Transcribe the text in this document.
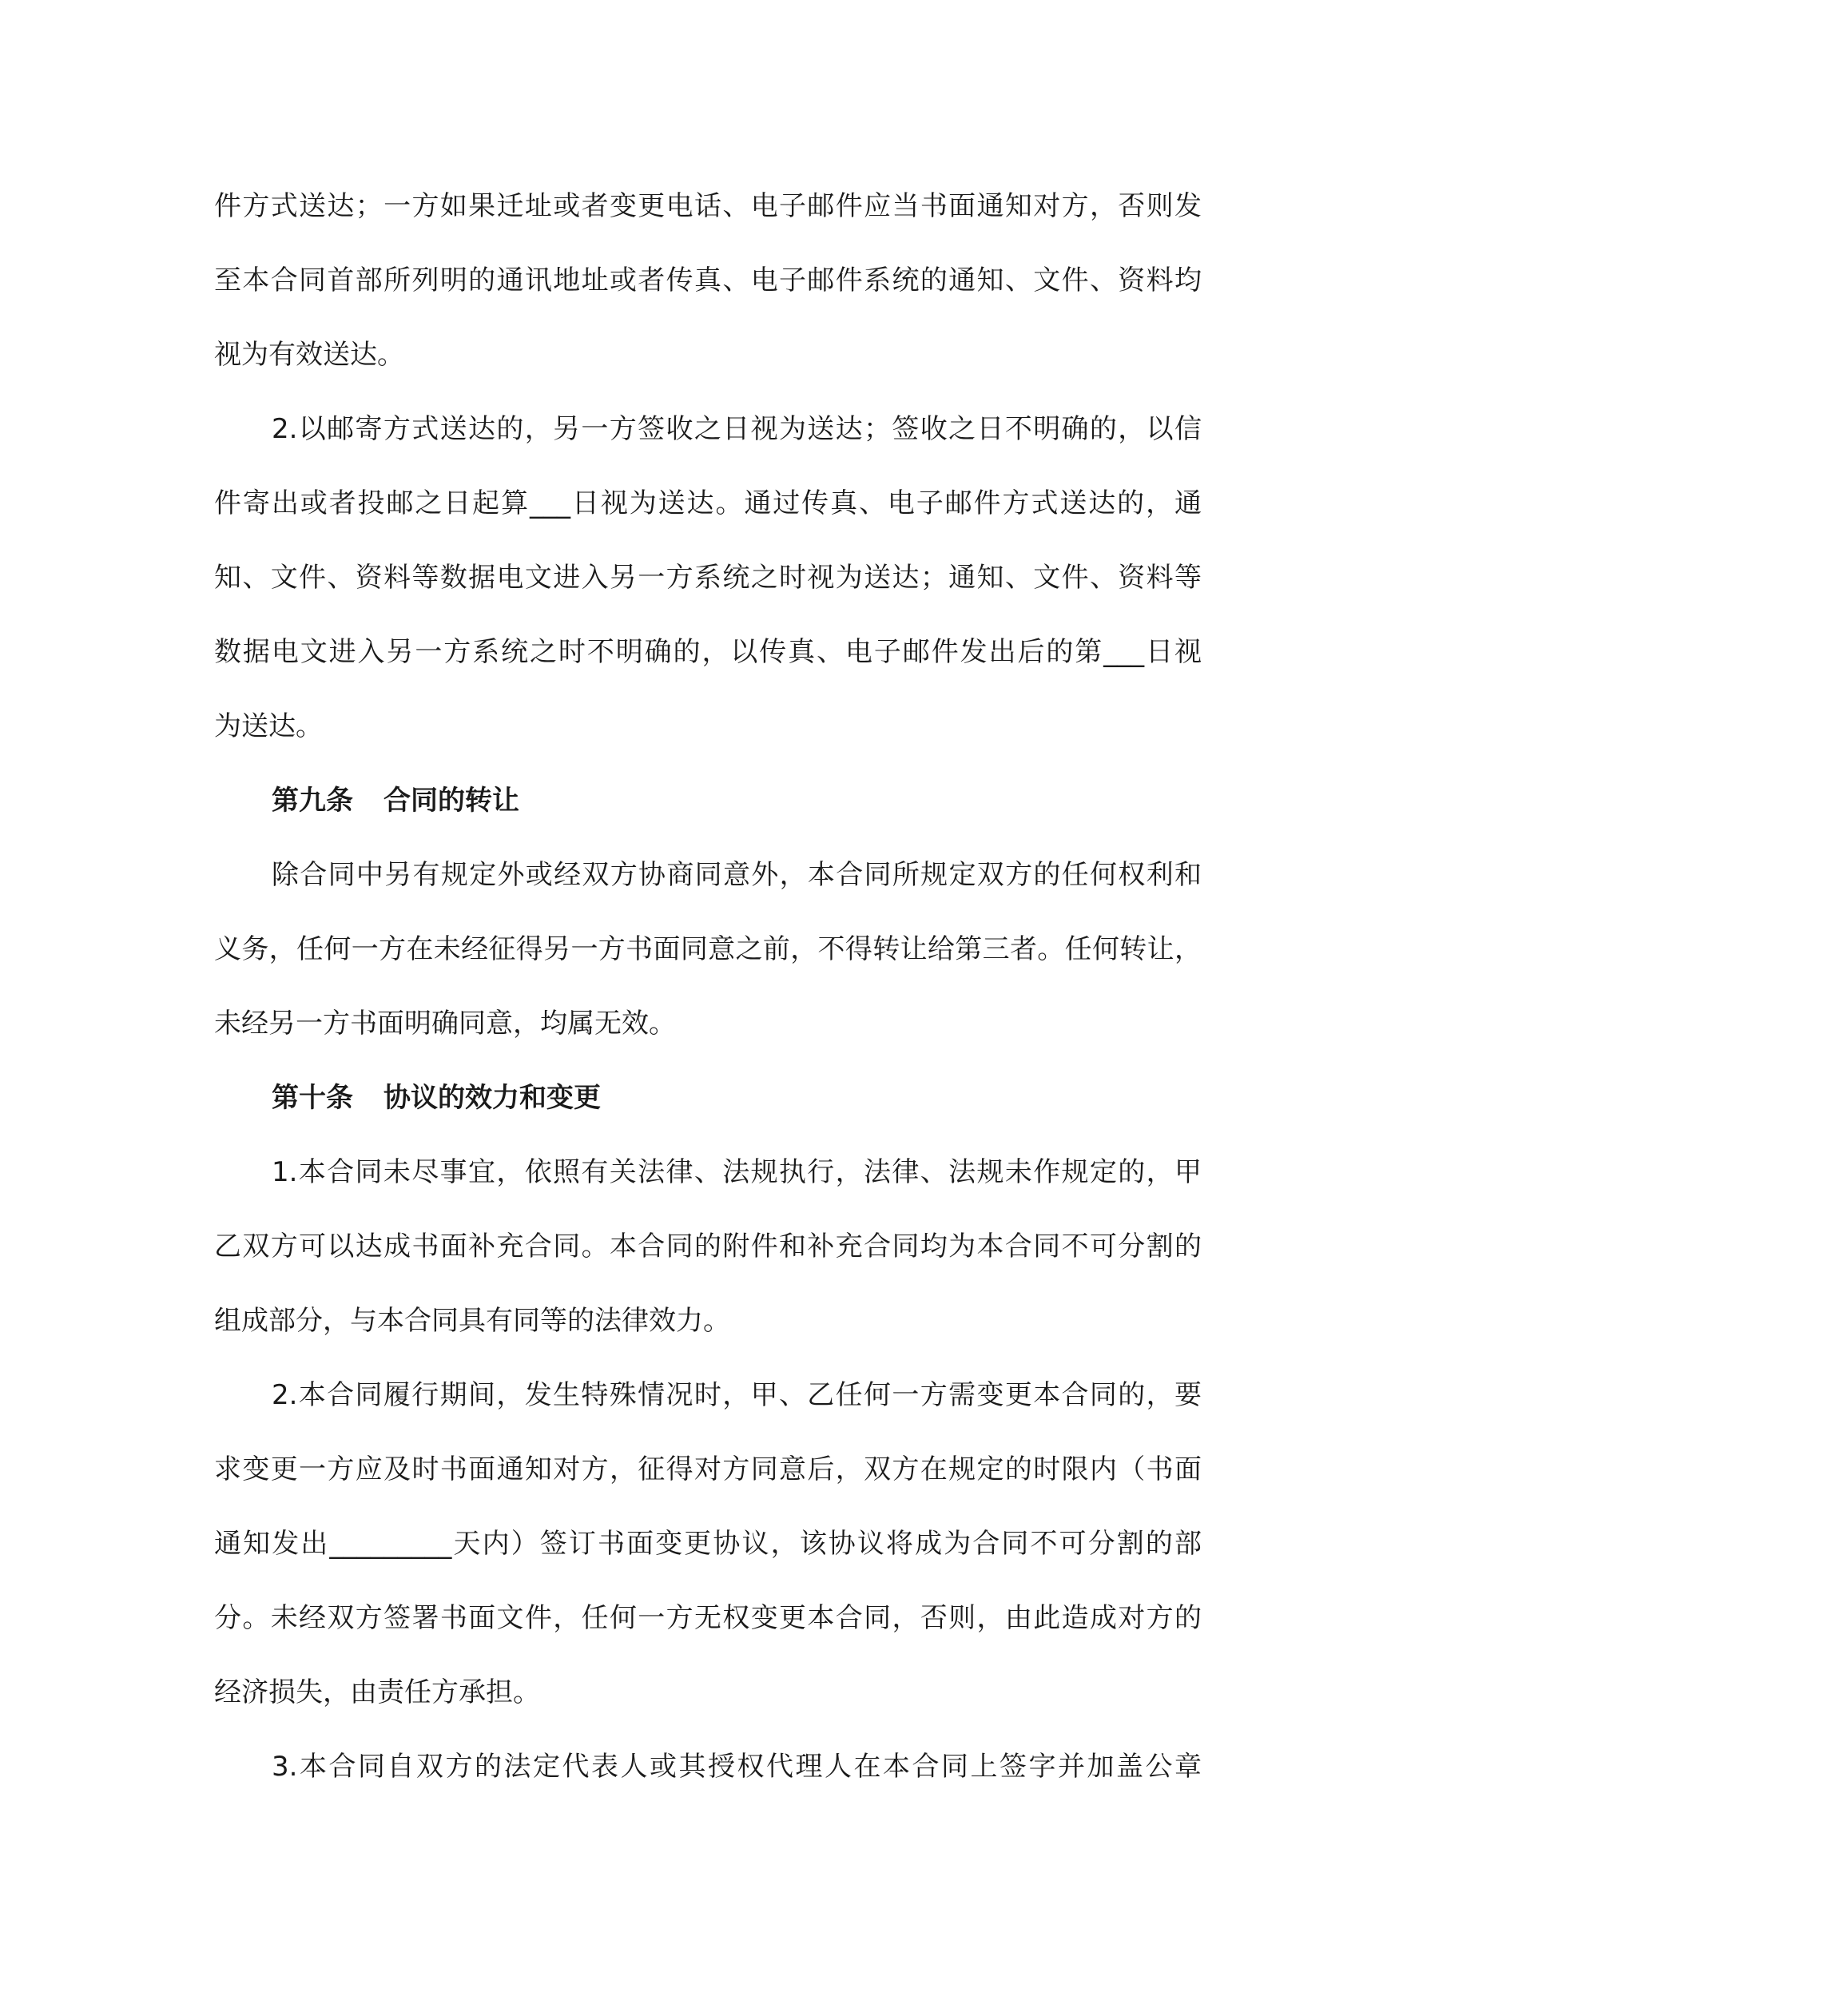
件方式送达；一方如果迁址或者变更电话、电子邮件应当书面通知对方，否则发
至本合同首部所列明的通讯地址或者传真、电子邮件系统的通知、文件、资料均
视为有效送达。
2.以邮寄方式送达的，另一方签收之日视为送达；签收之日不明确的，以信
件寄出或者投邮之日起算___日视为送达。通过传真、电子邮件方式送达的，通
知、文件、资料等数据电文进入另一方系统之时视为送达；通知、文件、资料等
数据电文进入另一方系统之时不明确的，以传真、电子邮件发出后的第___日视
为送达。
第九条 合同的转让
除合同中另有规定外或经双方协商同意外，本合同所规定双方的任何权利和
义务，任何一方在未经征得另一方书面同意之前，不得转让给第三者。任何转让，
未经另一方书面明确同意，均属无效。
第十条 协议的效力和变更
1.本合同未尽事宜，依照有关法律、法规执行，法律、法规未作规定的，甲
乙双方可以达成书面补充合同。本合同的附件和补充合同均为本合同不可分割的
组成部分，与本合同具有同等的法律效力。
2.本合同履行期间，发生特殊情况时，甲、乙任何一方需变更本合同的，要
求变更一方应及时书面通知对方，征得对方同意后，双方在规定的时限内（书面
通知发出_________天内）签订书面变更协议，该协议将成为合同不可分割的部
分。未经双方签署书面文件，任何一方无权变更本合同，否则，由此造成对方的
经济损失，由责任方承担。
3.本合同自双方的法定代表人或其授权代理人在本合同上签字并加盖公章
